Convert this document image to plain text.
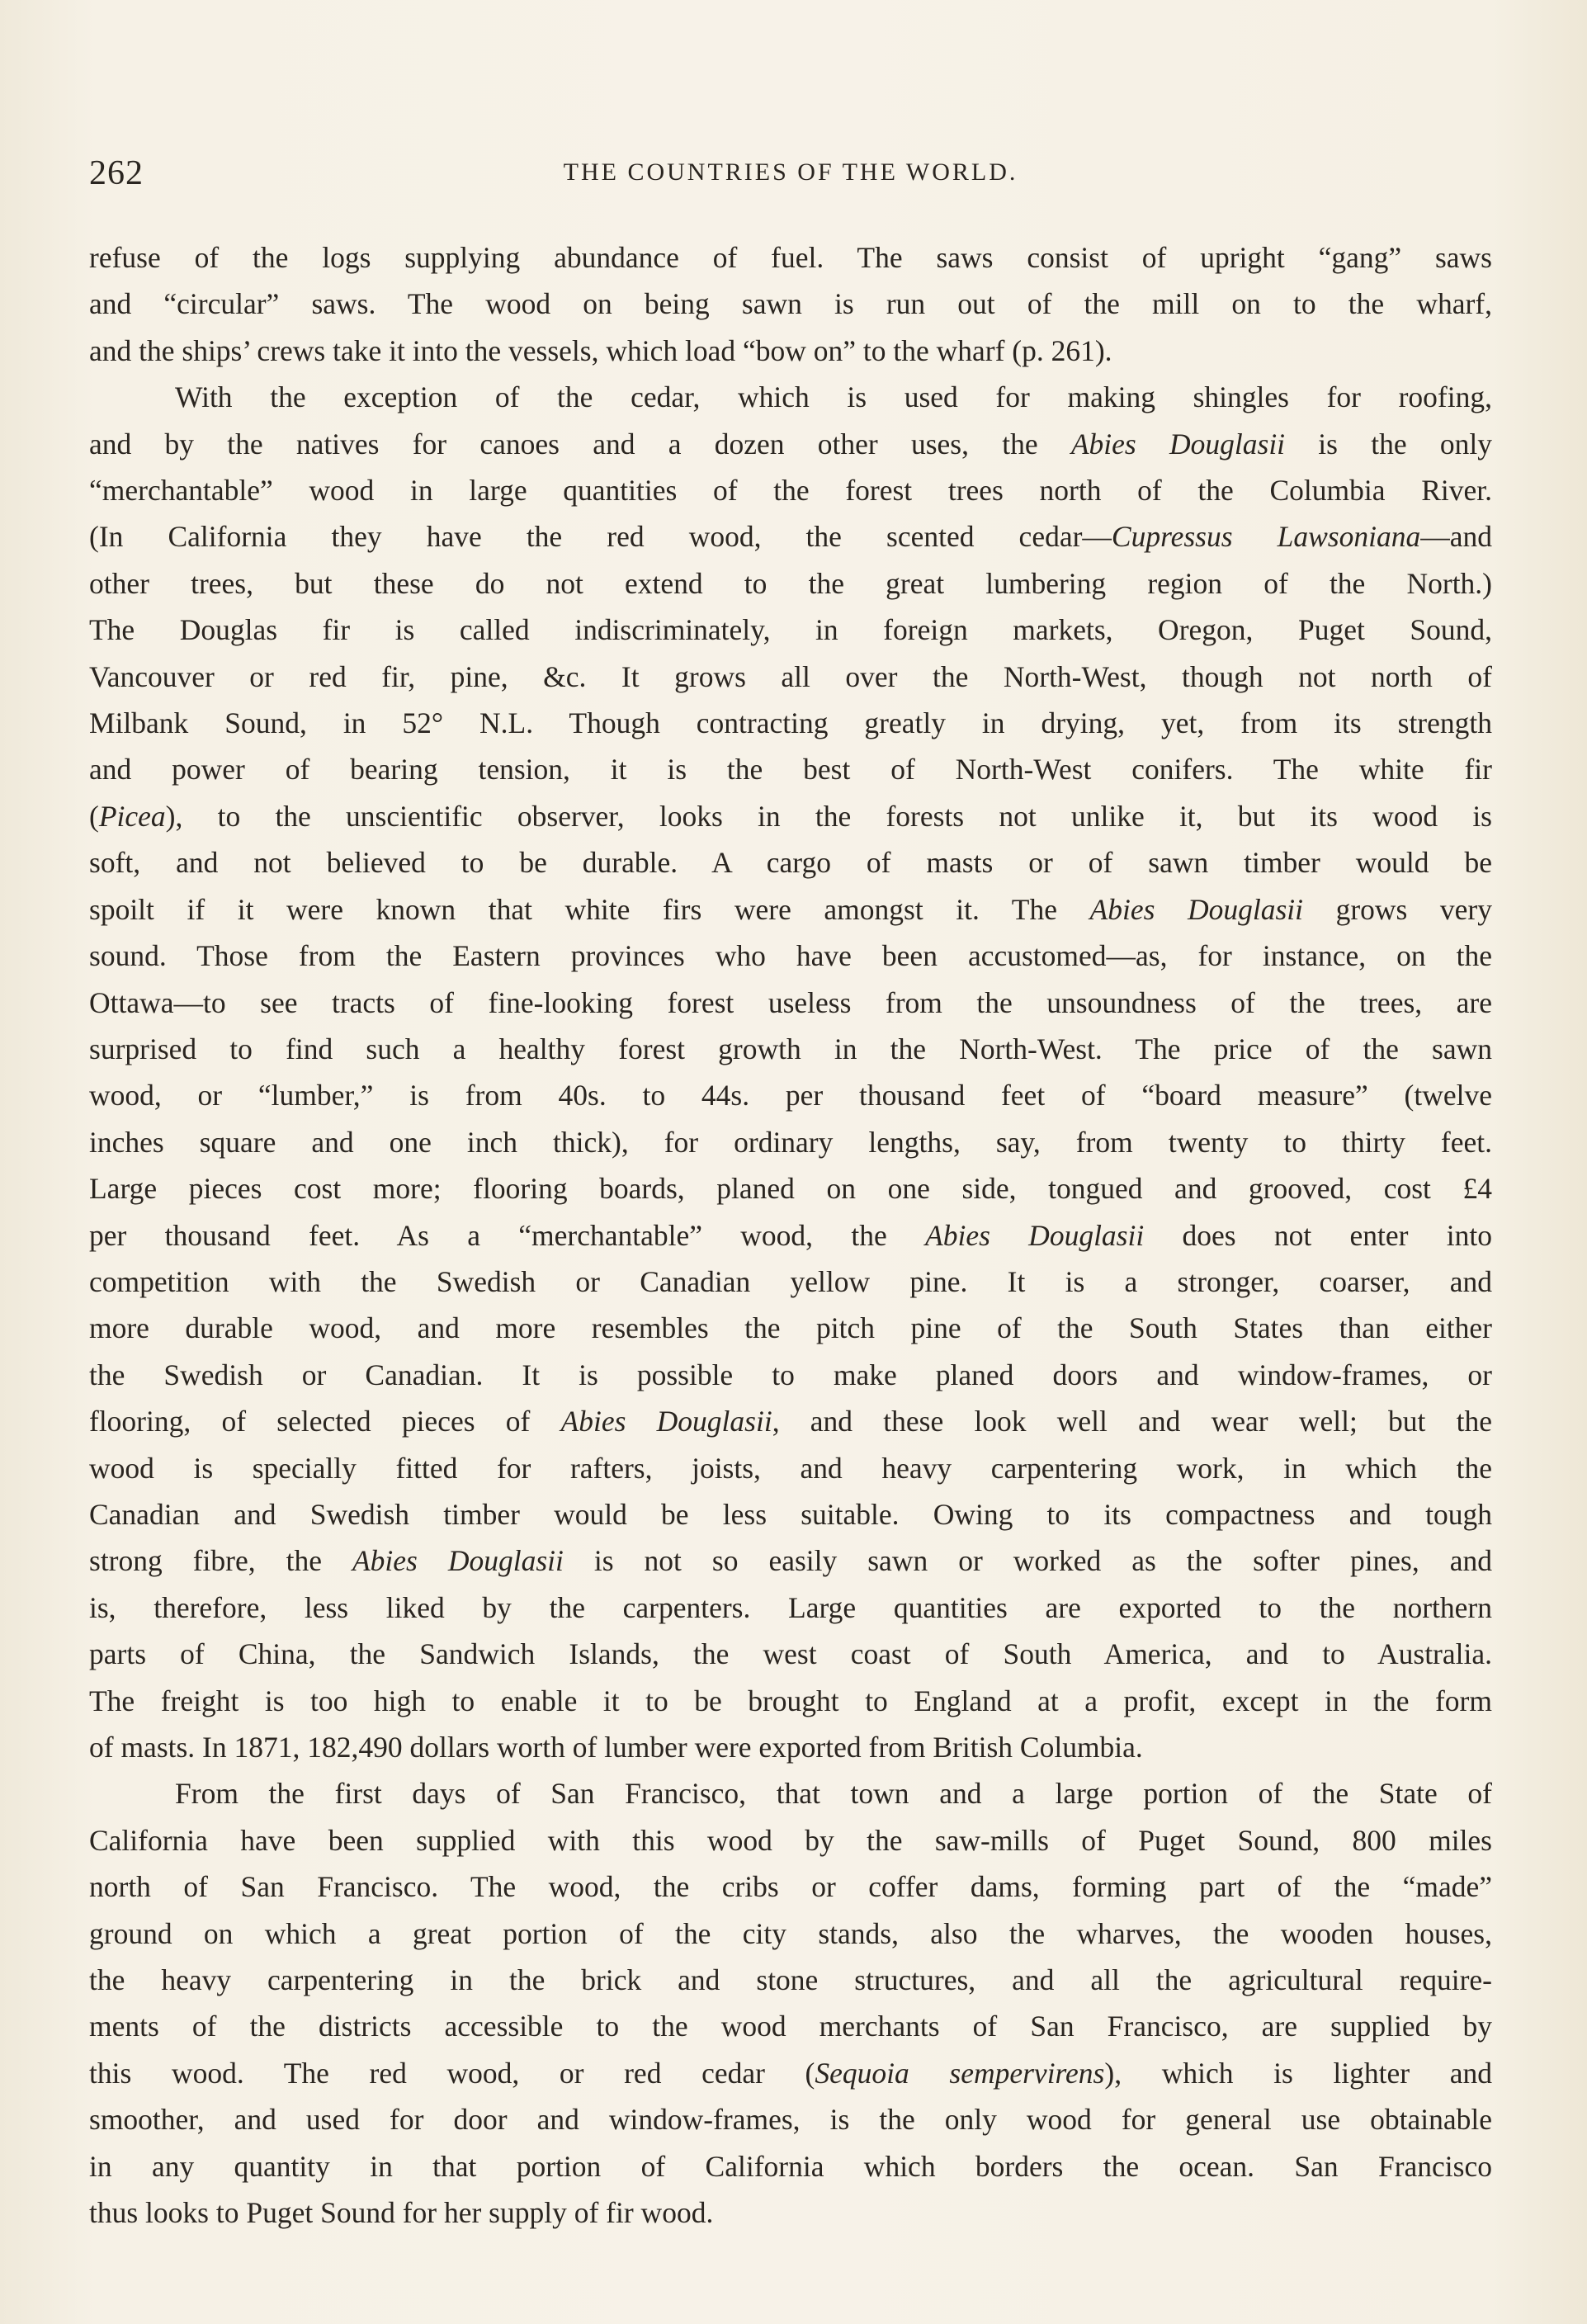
262	THE COUNTRIES OF THE WORLD.

refuse of the logs supplying abundance of fuel. The saws consist of upright “gang” saws
and “circular” saws. The wood on being sawn is run out of the mill on to the wharf,
and the ships’ crews take it into the vessels, which load “bow on” to the wharf (p. 261).

With the exception of the cedar, which is used for making shingles for roofing,
and by the natives for canoes and a dozen other uses, the Abies Douglasii is the only
“merchantable” wood in large quantities of the forest trees north of the Columbia River.
(In California they have the red wood, the scented cedar—Cupressus Lawsoniana—and
other trees, but these do not extend to the great lumbering region of the North.)
The Douglas fir is called indiscriminately, in foreign markets, Oregon, Puget Sound,
Vancouver or red fir, pine, &c. It grows all over the North-West, though not north of
Milbank Sound, in 52° N.L. Though contracting greatly in drying, yet, from its strength
and power of bearing tension, it is the best of North-West conifers. The white fir
(Picea), to the unscientific observer, looks in the forests not unlike it, but its wood is
soft, and not believed to be durable. A cargo of masts or of sawn timber would be
spoilt if it were known that white firs were amongst it. The Abies Douglasii grows very
sound. Those from the Eastern provinces who have been accustomed—as, for instance, on the
Ottawa—to see tracts of fine-looking forest useless from the unsoundness of the trees, are
surprised to find such a healthy forest growth in the North-West. The price of the sawn
wood, or “lumber,” is from 40s. to 44s. per thousand feet of “board measure” (twelve
inches square and one inch thick), for ordinary lengths, say, from twenty to thirty feet.
Large pieces cost more; flooring boards, planed on one side, tongued and grooved, cost £4
per thousand feet. As a “merchantable” wood, the Abies Douglasii does not enter into
competition with the Swedish or Canadian yellow pine. It is a stronger, coarser, and
more durable wood, and more resembles the pitch pine of the South States than either
the Swedish or Canadian. It is possible to make planed doors and window-frames, or
flooring, of selected pieces of Abies Douglasii, and these look well and wear well; but the
wood is specially fitted for rafters, joists, and heavy carpentering work, in which the
Canadian and Swedish timber would be less suitable. Owing to its compactness and tough
strong fibre, the Abies Douglasii is not so easily sawn or worked as the softer pines, and
is, therefore, less liked by the carpenters. Large quantities are exported to the northern
parts of China, the Sandwich Islands, the west coast of South America, and to Australia.
The freight is too high to enable it to be brought to England at a profit, except in the form
of masts. In 1871, 182,490 dollars worth of lumber were exported from British Columbia.

From the first days of San Francisco, that town and a large portion of the State of
California have been supplied with this wood by the saw-mills of Puget Sound, 800 miles
north of San Francisco. The wood, the cribs or coffer dams, forming part of the “made”
ground on which a great portion of the city stands, also the wharves, the wooden houses,
the heavy carpentering in the brick and stone structures, and all the agricultural require-
ments of the districts accessible to the wood merchants of San Francisco, are supplied by
this wood. The red wood, or red cedar (Sequoia sempervirens), which is lighter and
smoother, and used for door and window-frames, is the only wood for general use obtainable
in any quantity in that portion of California which borders the ocean. San Francisco
thus looks to Puget Sound for her supply of fir wood.
